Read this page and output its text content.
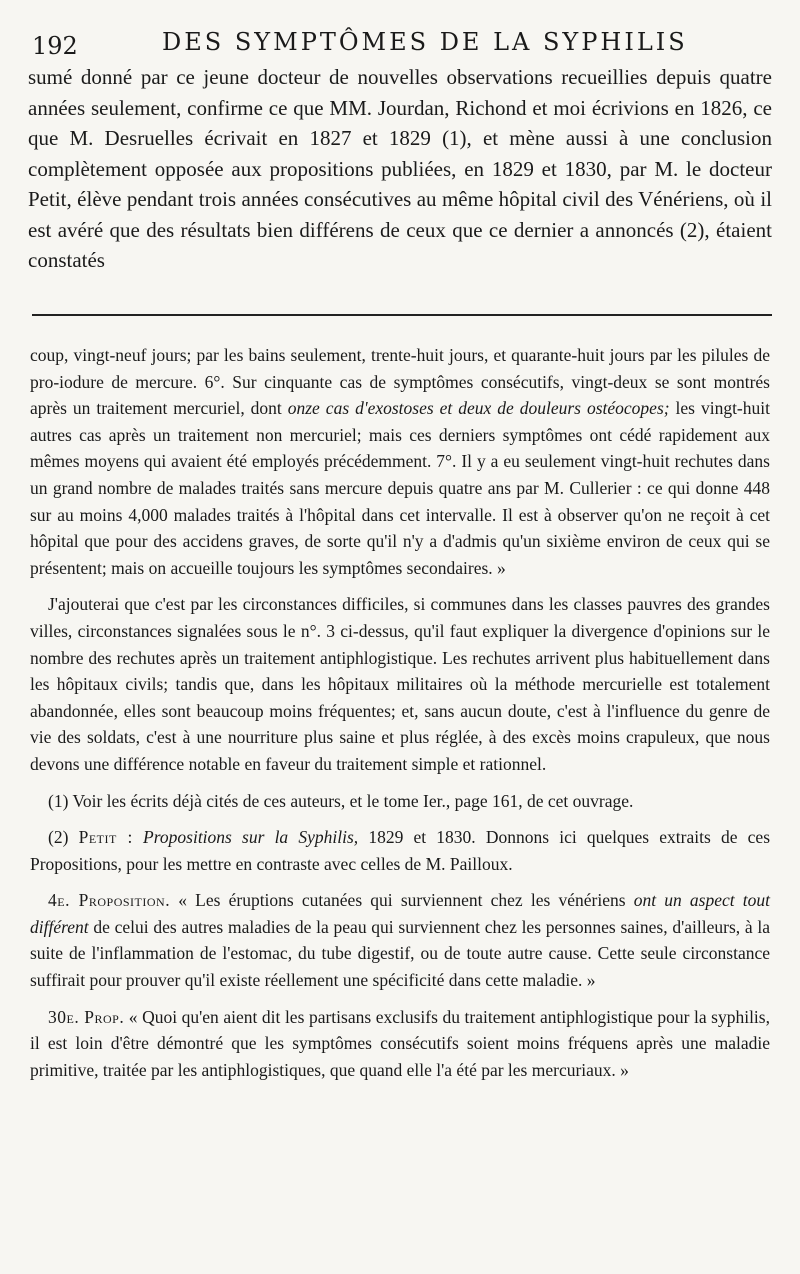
192	DES SYMPTÔMES DE LA SYPHILIS

sumé donné par ce jeune docteur de nouvelles observations recueillies depuis quatre années seulement, confirme ce que MM. Jourdan, Richond et moi écrivions en 1826, ce que M. Desruelles écrivait en 1827 et 1829 (1), et mène aussi à une conclusion complètement opposée aux propositions publiées, en 1829 et 1830, par M. le docteur Petit, élève pendant trois années consécutives au même hôpital civil des Vénériens, où il est avéré que des résultats bien différens de ceux que ce dernier a annoncés (2), étaient constatés

coup, vingt-neuf jours; par les bains seulement, trente-huit jours, et quarante-huit jours par les pilules de pro-iodure de mercure. 6°. Sur cinquante cas de symptômes consécutifs, vingt-deux se sont montrés après un traitement mercuriel, dont onze cas d'exostoses et deux de douleurs ostéocopes; les vingt-huit autres cas après un traitement non mercuriel; mais ces derniers symptômes ont cédé rapidement aux mêmes moyens qui avaient été employés précédemment. 7°. Il y a eu seulement vingt-huit rechutes dans un grand nombre de malades traités sans mercure depuis quatre ans par M. Cullerier : ce qui donne 448 sur au moins 4,000 malades traités à l'hôpital dans cet intervalle. Il est à observer qu'on ne reçoit à cet hôpital que pour des accidens graves, de sorte qu'il n'y a d'admis qu'un sixième environ de ceux qui se présentent; mais on accueille toujours les symptômes secondaires. »

J'ajouterai que c'est par les circonstances difficiles, si communes dans les classes pauvres des grandes villes, circonstances signalées sous le n°. 3 ci-dessus, qu'il faut expliquer la divergence d'opinions sur le nombre des rechutes après un traitement antiphlogistique. Les rechutes arrivent plus habituellement dans les hôpitaux civils; tandis que, dans les hôpitaux militaires où la méthode mercurielle est totalement abandonnée, elles sont beaucoup moins fréquentes; et, sans aucun doute, c'est à l'influence du genre de vie des soldats, c'est à une nourriture plus saine et plus réglée, à des excès moins crapuleux, que nous devons une différence notable en faveur du traitement simple et rationnel.

(1) Voir les écrits déjà cités de ces auteurs, et le tome Ier., page 161, de cet ouvrage.

(2) Petit : Propositions sur la Syphilis, 1829 et 1830. Donnons ici quelques extraits de ces Propositions, pour les mettre en contraste avec celles de M. Pailloux.

4e. Proposition. « Les éruptions cutanées qui surviennent chez les vénériens ont un aspect tout différent de celui des autres maladies de la peau qui surviennent chez les personnes saines, d'ailleurs, à la suite de l'inflammation de l'estomac, du tube digestif, ou de toute autre cause. Cette seule circonstance suffirait pour prouver qu'il existe réellement une spécificité dans cette maladie. »

30e. Prop. « Quoi qu'en aient dit les partisans exclusifs du traitement antiphlogistique pour la syphilis, il est loin d'être démontré que les symptômes consécutifs soient moins fréquens après une maladie primitive, traitée par les antiphlogistiques, que quand elle l'a été par les mercuriaux. »
